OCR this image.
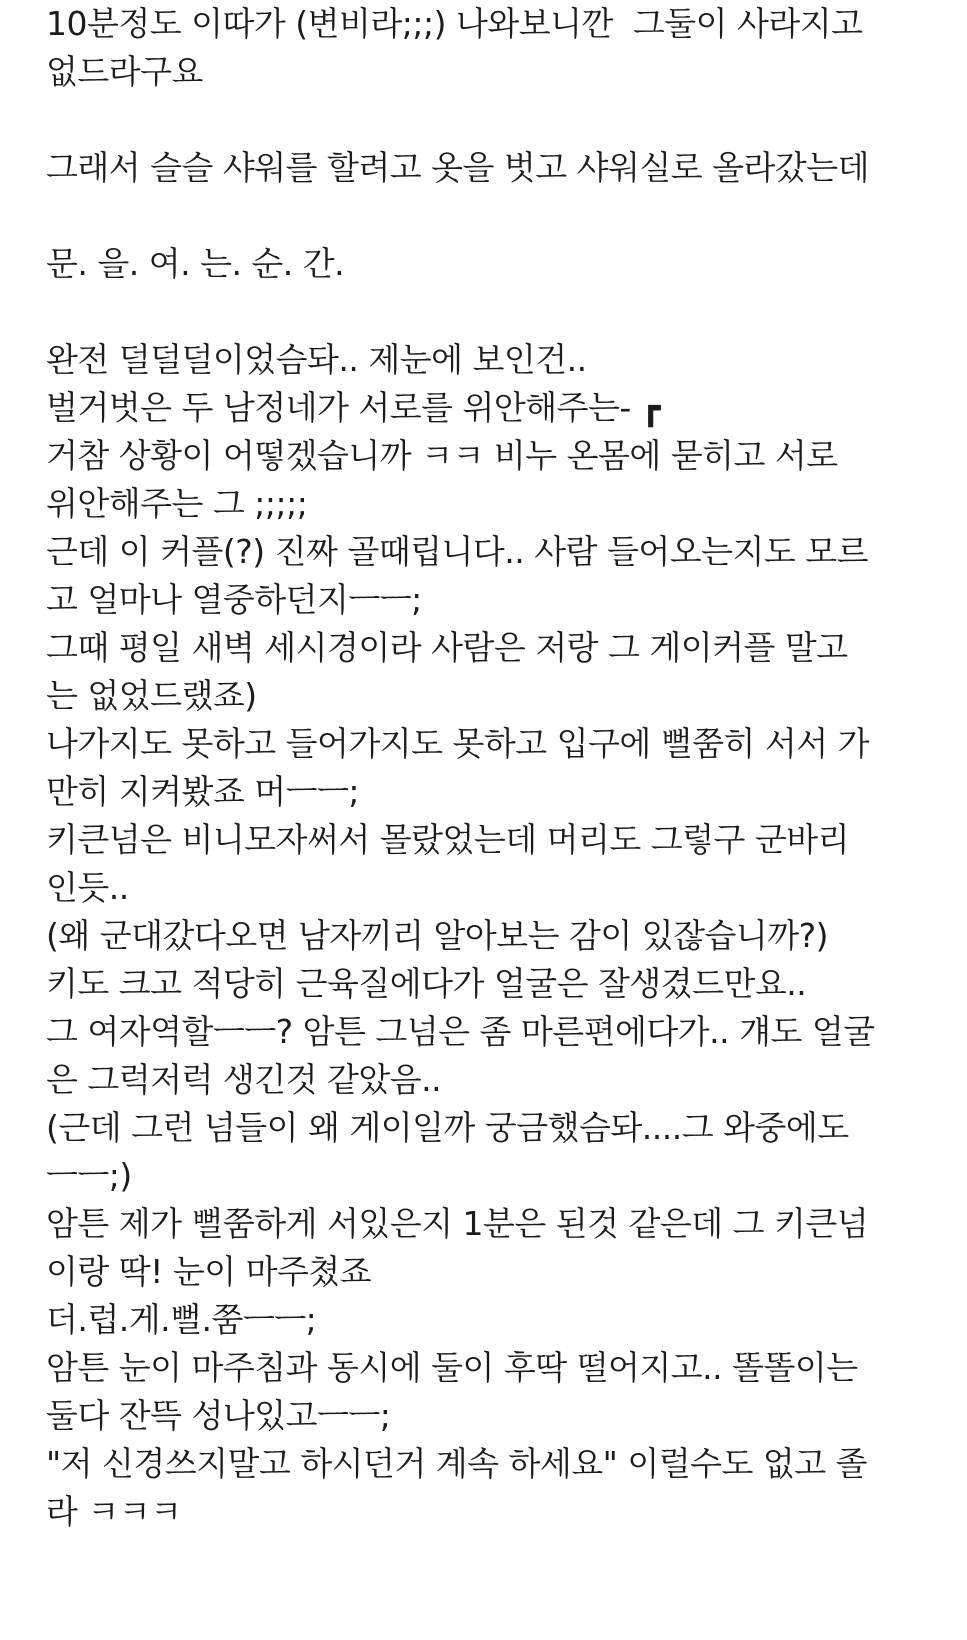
10분정도 이따가 (변비라;;;) 나와보니깐  그둘이 사라지고
없드라구요
그래서 슬슬 샤워를 할려고 옷을 벗고 샤워실로 올라갔는데
문. 을. 여. 는. 순. 간.
완전 덜덜덜이었슴돠.. 제눈에 보인건..
벌거벗은 두 남정네가 서로를 위안해주는- ┏
거참 상황이 어떻겠습니까 ㅋㅋ 비누 온몸에 묻히고 서로
위안해주는 그 ;;;;;
근데 이 커플(?) 진짜 골때립니다.. 사람 들어오는지도 모르
고 얼마나 열중하던지ㅡㅡ;
그때 평일 새벽 세시경이라 사람은 저랑 그 게이커플 말고
는 없었드랬죠)
나가지도 못하고 들어가지도 못하고 입구에 뻘쭘히 서서 가
만히 지켜봤죠 머ㅡㅡ;
키큰넘은 비니모자써서 몰랐었는데 머리도 그렇구 군바리
인듯..
(왜 군대갔다오면 남자끼리 알아보는 감이 있잖습니까?)
키도 크고 적당히 근육질에다가 얼굴은 잘생겼드만요..
그 여자역할ㅡㅡ? 암튼 그넘은 좀 마른편에다가.. 걔도 얼굴
은 그럭저럭 생긴것 같았음..
(근데 그런 넘들이 왜 게이일까 궁금했슴돠....그 와중에도
ㅡㅡ;)
암튼 제가 뻘쭘하게 서있은지 1분은 된것 같은데 그 키큰넘
이랑 딱! 눈이 마주쳤죠
더.럽.게.뻘.쭘ㅡㅡ;
암튼 눈이 마주침과 동시에 둘이 후딱 떨어지고.. 똘똘이는
둘다 잔뜩 성나있고ㅡㅡ;
"저 신경쓰지말고 하시던거 계속 하세요" 이럴수도 없고 졸
라 ㅋㅋㅋ
